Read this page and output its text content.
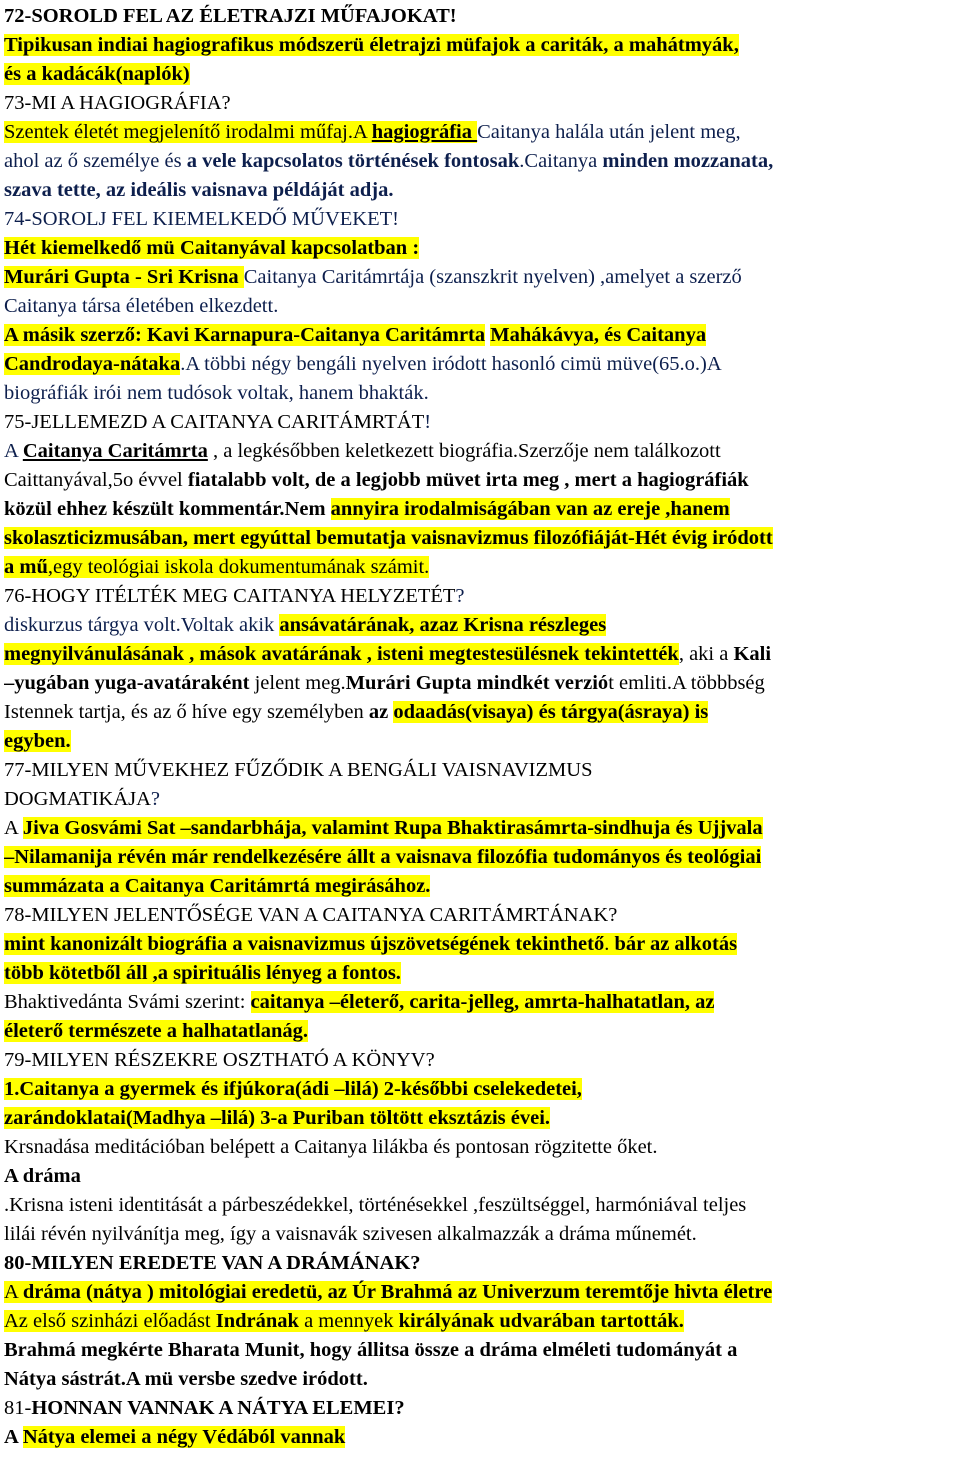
72-SOROLD FEL AZ ÉLETRAJZI MŰFAJOKAT!
Tipikusan indiai hagiografikus módszerü életrajzi müfajok a cariták, a mahátmyák,
és a kadácák(naplók)
73-MI A HAGIOGRÁFIA?
Szentek életét megjelenítő irodalmi műfaj.A hagiográfia Caitanya halála után jelent meg,
ahol az ő személye és a vele kapcsolatos történések fontosak.Caitanya minden mozzanata,
szava tette, az ideális vaisnava példáját adja.
74-SOROLJ FEL KIEMELKEDŐ MŰVEKET!
Hét kiemelkedő mü Caitanyával kapcsolatban :
Murári Gupta - Sri Krisna Caitanya Caritámrtája (szanszkrit nyelven) ,amelyet a szerző
Caitanya társa életében elkezdett.
A másik szerző: Kavi Karnapura-Caitanya Caritámrta Mahákávya, és Caitanya
Candrodaya-nátaka.A többi négy bengáli nyelven iródott hasonló cimü müve(65.o.)A
biográfiák irói nem tudósok voltak, hanem bhakták.
75-JELLEMEZD A CAITANYA CARITÁMRTÁT!
A Caitanya Caritámrta , a legkésőbben keletkezett biográfia.Szerzője nem találkozott
Caittanyával,5o évvel fiatalabb volt, de a legjobb müvet irta meg , mert a hagiográfiák
közül ehhez készült kommentár.Nem annyira irodalmiságában van az ereje ,hanem
skolaszticizmusában, mert egyúttal bemutatja vaisnavizmus filozófiáját-Hét évig iródott
a mű,egy teológiai iskola dokumentumának számit.
76-HOGY ITÉLTÉK MEG CAITANYA HELYZETÉT?
diskurzus tárgya volt.Voltak akik ansávatárának, azaz Krisna részleges
megnyilvánulásának , mások avatárának , isteni megtestesülésnek tekintették, aki a Kali
–yugában yuga-avatáraként jelent meg.Murári Gupta mindkét verziót emliti.A többbség
Istennek tartja, és az ő híve egy személyben az odaadás(visaya) és tárgya(ásraya) is
egyben.
77-MILYEN MŰVEKHEZ FŰZŐDIK A BENGÁLI VAISNAVIZMUS
DOGMATIKÁJA?
A Jiva Gosvámi Sat –sandarbhája, valamint Rupa Bhaktirasámrta-sindhuja és Ujjvala
–Nilamanija révén már rendelkezésére állt a vaisnava filozófia tudományos és teológiai
summázata a Caitanya Caritámrtá megirásához.
78-MILYEN JELENTŐSÉGE VAN A CAITANYA CARITÁMRTÁNAK?
mint kanonizált biográfia a vaisnavizmus újszövetségének tekinthető. bár az alkotás
több kötetből áll ,a spirituális lényeg a fontos.
Bhaktivedánta Svámi szerint: caitanya –életerő, carita-jelleg, amrta-halhatatlan, az
életerő természete a halhatatlanág.
79-MILYEN RÉSZEKRE OSZTHATÓ A KÖNYV?
1.Caitanya a gyermek és ifjúkora(ádi –lilá) 2-későbbi cselekedetei,
zarándoklatai(Madhya –lilá) 3-a Puriban töltött eksztázis évei.
Krsnadása meditációban belépett a Caitanya lilákba és pontosan rögzitette őket.
A dráma
.Krisna isteni identitását a párbeszédekkel, történésekkel ,feszültséggel, harmóniával teljes
lilái révén nyilvánítja meg, így a vaisnavák szivesen alkalmazzák a dráma műnemét.
80-MILYEN EREDETE VAN A DRÁMÁNAK?
A dráma (nátya ) mitológiai eredetü, az Úr Brahmá az Univerzum teremtője hivta életre
Az első szinházi előadást Indrának a mennyek királyának udvarában tartották.
Brahmá megkérte Bharata Munit, hogy állitsa össze a dráma elméleti tudományát a
Nátya sástrát.A mü versbe szedve iródott.
81-HONNAN VANNAK A NÁTYA ELEMEI?
A Nátya elemei a négy Védából vannak
